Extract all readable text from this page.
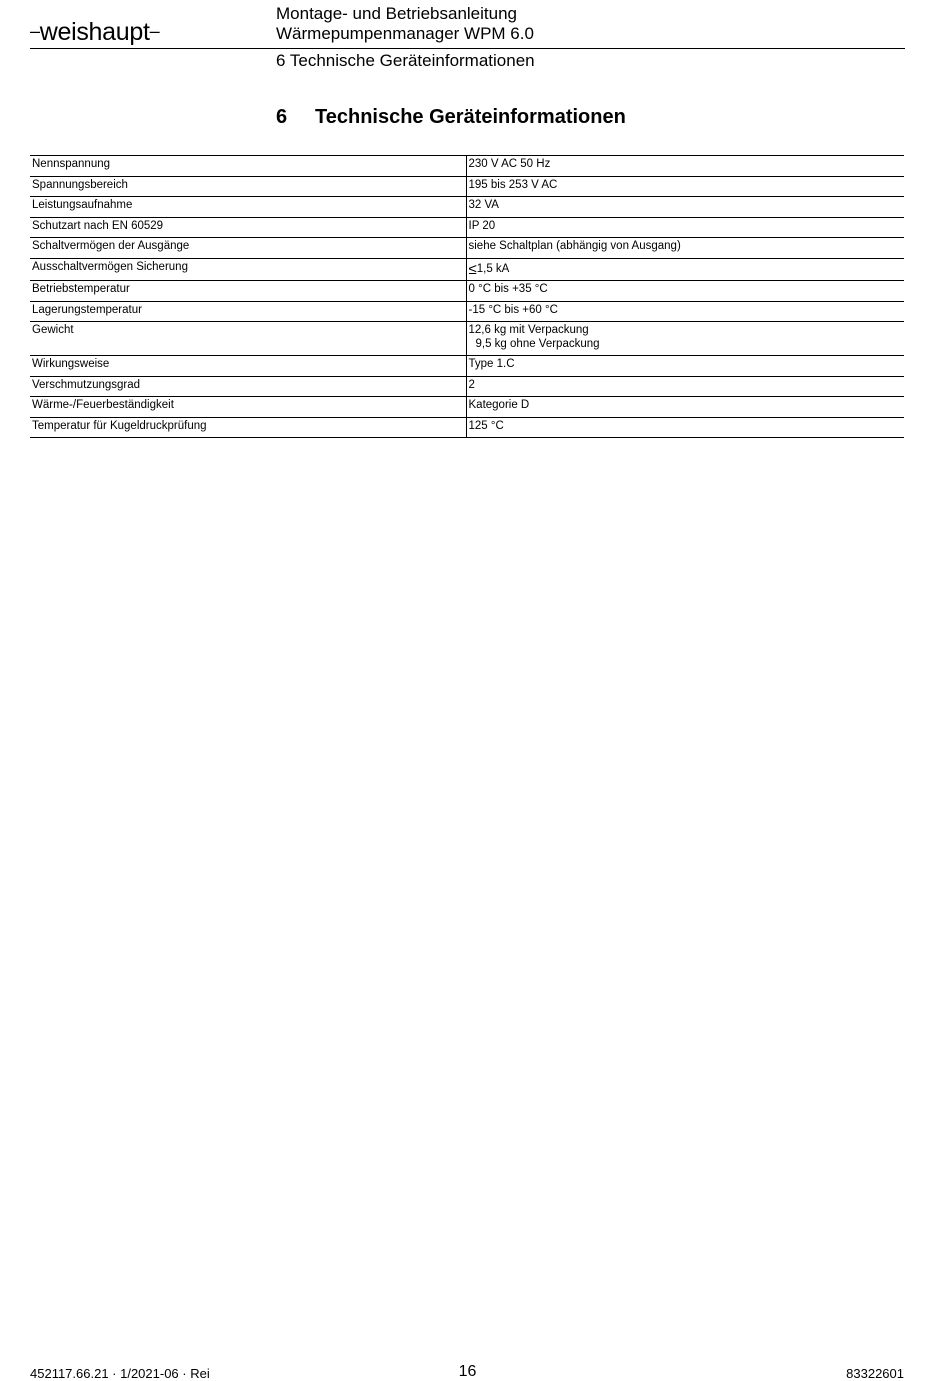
–weishaupt–
Montage- und Betriebsanleitung
Wärmepumpenmanager WPM 6.0
6 Technische Geräteinformationen
6 Technische Geräteinformationen
Nennspannung	230 V AC 50 Hz
Spannungsbereich	195 bis 253 V AC
Leistungsaufnahme	32 VA
Schutzart nach EN 60529	IP 20
Schaltvermögen der Ausgänge	siehe Schaltplan (abhängig von Ausgang)
Ausschaltvermögen Sicherung	≤1,5 kA
Betriebstemperatur	0 °C bis +35 °C
Lagerungstemperatur	-15 °C bis +60 °C
Gewicht	12,6 kg mit Verpackung
9,5 kg ohne Verpackung

Wirkungsweise	Type 1.C
Verschmutzungsgrad	2
Wärme-/Feuerbeständigkeit	Kategorie D
Temperatur für Kugeldruckprüfung	125 °C
452117.66.21 · 1/2021-06 · Rei	16	83322601
